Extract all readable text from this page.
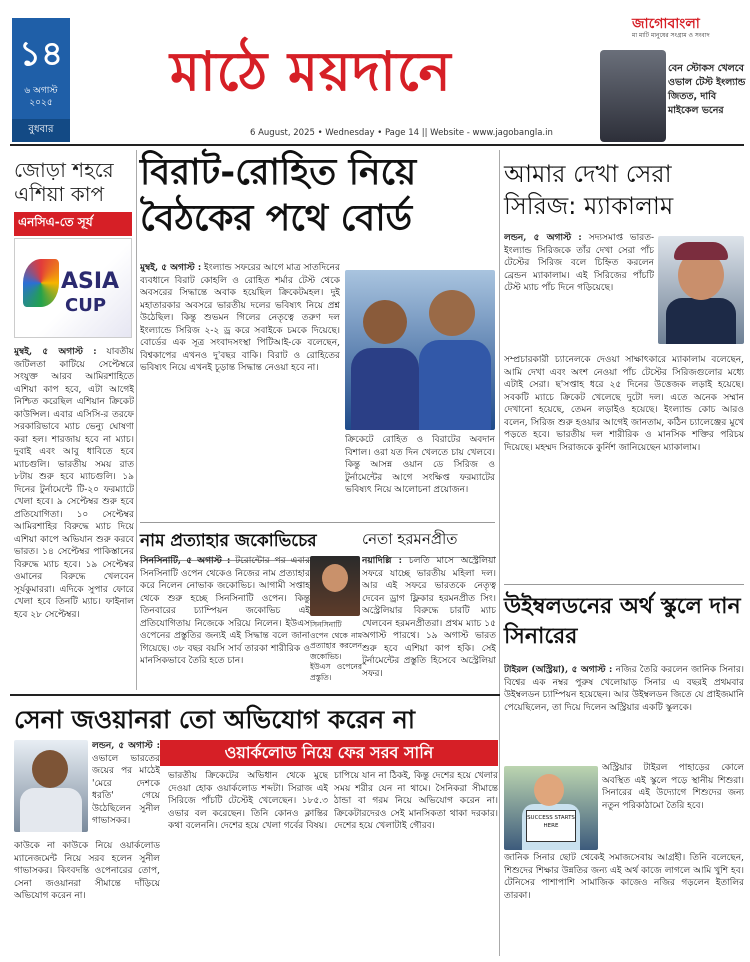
১৪
৬ অগাস্ট ২০২৫
বুধবার
মাঠে ময়দানে
6 August, 2025 • Wednesday • Page 14 || Website - www.jagobangla.in
জাগোবাংলা
মা মাটি মানুষের সংগ্রাম ও সংবাদ
বেন স্টোকস খেলবে ওভাল টেস্ট ইংল্যান্ড জিতত, দাবি মাইকেল ভনের
জোড়া শহরে এশিয়া কাপ
এনসিএ-তে সূর্য
ASIA
CUP
মুম্বই, ৫ অগাস্ট : যাবতীয় জটিলতা কাটিয়ে সেপ্টেম্বরে সংযুক্ত আরব আমিরশাহিতে এশিয়া কাপ হবে, এটা আগেই নিশ্চিত করেছিল এশিয়ান ক্রিকেট কাউন্সিল। এবার এসিসি-র তরফে সরকারিভাবে ম্যাচ ভেন্যু ঘোষণা করা হল। শারজায় হবে না ম্যাচ। দুবাই এবং আবু ধাবিতে হবে ম্যাচগুলি। ভারতীয় সময় রাত ৮টায় শুরু হবে ম্যাচগুলি। ১৯ দিনের টুর্নামেন্টে টি-২০ ফরম্যাটে খেলা হবে। ৯ সেপ্টেম্বর শুরু হবে প্রতিযোগিতা। ১০ সেপ্টেম্বর আমিরশাহির বিরুদ্ধে ম্যাচ দিয়ে এশিয়া কাপে অভিযান শুরু করবে ভারত। ১৪ সেপ্টেম্বর পাকিস্তানের বিরুদ্ধে ম্যাচ হবে। ১৯ সেপ্টেম্বর ওমানের বিরুদ্ধে খেলবেন সূর্যকুমাররা। এদিকে সুপার ফোরে খেলা হবে তিনটি ম্যাচ। ফাইনাল হবে ২৮ সেপ্টেম্বর।
বিরাট-রোহিত নিয়ে বৈঠকের পথে বোর্ড
মুম্বই, ৫ অগাস্ট : ইংল্যান্ড সফরের আগে মাত্র সাতদিনের ব্যবধানে বিরাট কোহলি ও রোহিত শর্মার টেস্ট থেকে অবসরের সিদ্ধান্তে অবাক হয়েছিল ক্রিকেটমহল। দুই মহাতারকার অবসরে ভারতীয় দলের ভবিষ্যৎ নিয়ে প্রশ্ন উঠেছিল। কিন্তু শুভমন গিলের নেতৃত্বে তরুণ দল ইংল্যান্ডে সিরিজ ২-২ ড্র করে সবাইকে চমকে দিয়েছে। বোর্ডের এক সূত্র সংবাদসংস্থা পিটিআই-কে বলেছেন, বিশ্বকাপের এখনও দু'বছর বাকি। বিরাট ও রোহিতের ভবিষ্যৎ নিয়ে এখনই চূড়ান্ত সিদ্ধান্ত নেওয়া হবে না।
ক্রিকেটে রোহিত ও বিরাটের অবদান বিশাল। ওরা যত দিন খেলতে চায় খেলবে। কিন্তু আসন্ন ওয়ান ডে সিরিজ ও টুর্নামেন্টের আগে সংক্ষিপ্ত ফরম্যাটের ভবিষ্যৎ নিয়ে আলোচনা প্রয়োজন।
নাম প্রত্যাহার জকোভিচের
সিনসিনাটি, ৫ অগাস্ট : টরোন্টোর পর এবার সিনসিনাটি ওপেন থেকেও নিজের নাম প্রত্যাহার করে নিলেন নোভাক জকোভিচ। আগামী সপ্তাহ থেকে শুরু হচ্ছে সিনসিনাটি ওপেন। কিন্তু তিনবারের চ্যাম্পিয়ন জকোভিচ এই প্রতিযোগিতায় নিজেকে সরিয়ে নিলেন। ইউএস ওপেনের প্রস্তুতির জন্যই এই সিদ্ধান্ত বলে জানা গিয়েছে। ৩৮ বছর বয়সি সার্ব তারকা শারীরিক ও মানসিকভাবে তৈরি হতে চান।
সিনসিনাটি ওপেন থেকে নাম প্রত্যাহার করলেন জকোভিচ। ইউএস ওপেনের প্রস্তুতি।
নেতা হরমনপ্রীত
নয়াদিল্লি : চলতি মাসে অস্ট্রেলিয়া সফরে যাচ্ছে ভারতীয় মহিলা দল। আর এই সফরে ভারতকে নেতৃত্ব দেবেন ড্রাগ ফ্লিকার হরমনপ্রীত সিং। অস্ট্রেলিয়ার বিরুদ্ধে চারটি ম্যাচ খেলবেন হরমনপ্রীতরা। প্রথম ম্যাচ ১৫ অগাস্ট পারথে। ১৯ অগাস্ট ভারত শুরু হবে এশিয়া কাপ হকি। সেই টুর্নামেন্টের প্রস্তুতি হিসেবে অস্ট্রেলিয়া সফর।
আমার দেখা সেরা সিরিজ: ম্যাকালাম
লন্ডন, ৫ অগাস্ট : সদ্যসমাপ্ত ভারত-ইংল্যান্ড সিরিজকে তাঁর দেখা সেরা পাঁচ টেস্টের সিরিজ বলে চিহ্নিত করলেন ব্রেন্ডন ম্যাকালাম। এই সিরিজের পাঁচটি টেস্ট ম্যাচ পাঁচ দিনে গড়িয়েছে।
সম্প্রচারকারী চ্যানেলকে দেওয়া সাক্ষাৎকারে ম্যাকালাম বলেছেন, আমি দেখা এবং অংশ নেওয়া পাঁচ টেস্টের সিরিজগুলোর মধ্যে এটাই সেরা। ছ'সপ্তাহ ধরে ২৫ দিনের উত্তেজক লড়াই হয়েছে। সবকটি ম্যাচে ক্রিকেট খেলেছে দুটো দল। এতে অনেক সম্মান দেখানো হয়েছে, তেমন লড়াইও হয়েছে। ইংল্যান্ড কোচ আরও বলেন, সিরিজ শুরু হওয়ার আগেই জানতাম, কঠিন চ্যালেঞ্জের মুখে পড়তে হবে। ভারতীয় দল শারীরিক ও মানসিক শক্তির পরিচয় দিয়েছে। মহম্মদ সিরাজকে কুর্নিশ জানিয়েছেন ম্যাকালাম।
উইম্বলডনের অর্থ স্কুলে দান সিনারের
টাইরল (অস্ট্রিয়া), ৫ অগাস্ট : নজির তৈরি করলেন জানিক সিনার। বিশ্বের এক নম্বর পুরুষ খেলোয়াড় সিনার এ বছরই প্রথমবার উইম্বলডন চ্যাম্পিয়ন হয়েছেন। আর উইম্বলডন জিতে যে প্রাইজমানি পেয়েছিলেন, তা দিয়ে দিলেন অস্ট্রিয়ার একটি স্কুলকে।
SUCCESS STARTS HERE
অস্ট্রিয়ার টাইরল পাহাড়ের কোলে অবস্থিত এই স্কুলে পড়ে স্থানীয় শিশুরা। সিনারের এই উদ্যোগে শিশুদের জন্য নতুন পরিকাঠামো তৈরি হবে।
জানিক সিনার ছোট থেকেই সমাজসেবায় আগ্রহী। তিনি বলেছেন, শিশুদের শিক্ষার উন্নতির জন্য এই অর্থ কাজে লাগলে আমি খুশি হব। টেনিসের পাশাপাশি সামাজিক কাজেও নজির গড়লেন ইতালির তারকা।
সেনা জওয়ানরা তো অভিযোগ করেন না
লন্ডন, ৫ অগাস্ট : ওভালে ভারতের জয়ের পর মাঠেই 'মেরে দেশকে ধরতি' গেয়ে উঠেছিলেন সুনীল গাভাসকর।
ওয়ার্কলোড নিয়ে ফের সরব সানি
কাউকে না কাউকে নিয়ে ওয়ার্কলোড ম্যানেজমেন্ট নিয়ে সরব হলেন সুনীল গাভাসকর। কিংবদন্তি ওপেনারের তোপ, সেনা জওয়ানরা সীমান্তে দাঁড়িয়ে অভিযোগ করেন না।
ভারতীয় ক্রিকেটের অভিধান থেকে মুছে দেওয়া হোক ওয়ার্কলোড শব্দটা। সিরাজ এই সিরিজে পাঁচটি টেস্টেই খেলেছেন। ১৮৫.৩ ওভার বল করেছেন। তিনি কোনও ক্লান্তির কথা বলেননি। দেশের হয়ে খেলা গর্বের বিষয়।
চাপিয়ে যান না ঠিকই, কিন্তু দেশের হয়ে খেলার সময় শরীর যেন না থামে। সৈনিকরা সীমান্তে ঠান্ডা বা গরম নিয়ে অভিযোগ করেন না। ক্রিকেটারদেরও সেই মানসিকতা থাকা দরকার। দেশের হয়ে খেলাটাই গৌরব।
